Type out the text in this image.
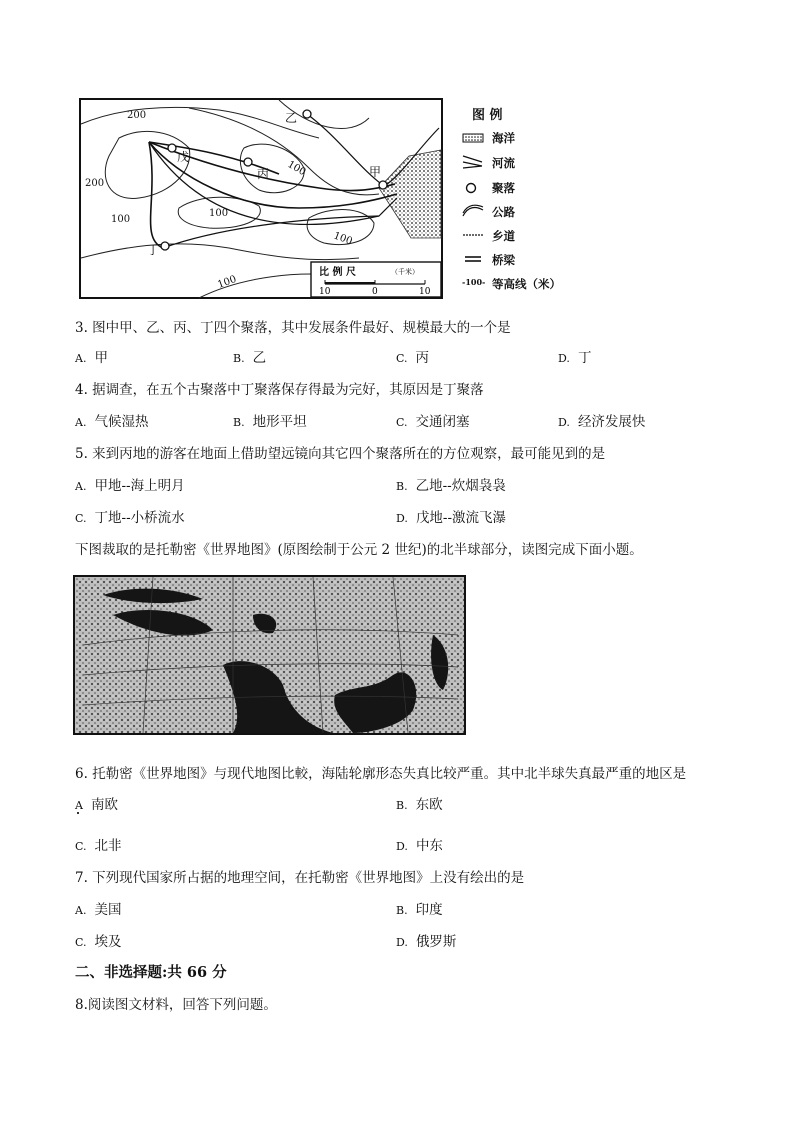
200
200
100
100
100
100
100
甲
乙
丙
丁
戊
比 例 尺	（千米）
10	0	10
图 例
海洋
河流
聚落
公路
乡道
桥梁
-100- 等高线（米）
3. 图中甲、乙、丙、丁四个聚落，其中发展条件最好、规模最大的一个是
A. 甲	B. 乙	C. 丙	D. 丁
4. 据调查，在五个古聚落中丁聚落保存得最为完好，其原因是丁聚落
A. 气候湿热	B. 地形平坦	C. 交通闭塞	D. 经济发展快
5. 来到丙地的游客在地面上借助望远镜向其它四个聚落所在的方位观察，最可能见到的是
A. 甲地--海上明月	B. 乙地--炊烟袅袅
C. 丁地--小桥流水	D. 戊地--激流飞瀑
下图裁取的是托勒密《世界地图》(原图绘制于公元 2 世纪)的北半球部分，读图完成下面小题。
6. 托勒密《世界地图》与现代地图比較，海陆轮廓形态失真比较严重。其中北半球失真最严重的地区是
A 南欧	B. 东欧
C. 北非	D. 中东
7. 下列现代国家所占据的地理空间，在托勒密《世界地图》上没有绘出的是
A. 美国	B. 印度
C. 埃及	D. 俄罗斯
二、非选择题:共 66 分
8.阅读图文材料，回答下列问题。
